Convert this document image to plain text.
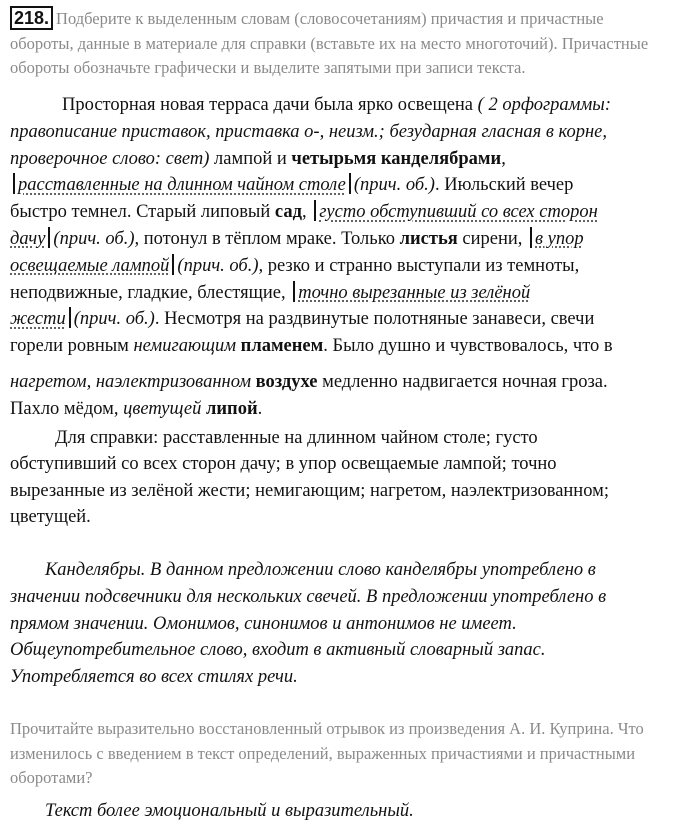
218. Подберите к выделенным словам (словосочетаниям) причастия и причастные
обороты, данные в материале для справки (вставьте их на место многоточий). Причастные
обороты обозначьте графически и выделите запятыми при записи текста.
Просторная новая терраса дачи была ярко освещена ( 2 орфограммы:
правописание приставок, приставка о-, неизм.; безударная гласная в корне,
проверочное слово: свет) лампой и четырьмя канделябрами,
расставленные на длинном чайном столе (прич. об.). Июльский вечер
быстро темнел. Старый липовый сад, густо обступивший со всех сторон
дачу (прич. об.), потонул в тёплом мраке. Только листья сирени, в упор
освещаемые лампой (прич. об.), резко и странно выступали из темноты,
неподвижные, гладкие, блестящие, точно вырезанные из зелёной
жести (прич. об.). Несмотря на раздвинутые полотняные занавеси, свечи
горели ровным немигающим пламенем. Было душно и чувствовалось, что в
нагретом, наэлектризованном воздухе медленно надвигается ночная гроза.
Пахло мёдом, цветущей липой.
Для справки: расставленные на длинном чайном столе; густо
обступивший со всех сторон дачу; в упор освещаемые лампой; точно
вырезанные из зелёной жести; немигающим; нагретом, наэлектризованном;
цветущей.
Канделябры. В данном предложении слово канделябры употреблено в
значении подсвечники для нескольких свечей. В предложении употреблено в
прямом значении. Омонимов, синонимов и антонимов не имеет.
Общеупотребительное слово, входит в активный словарный запас.
Употребляется во всех стилях речи.
Прочитайте выразительно восстановленный отрывок из произведения А. И. Куприна. Что
изменилось с введением в текст определений, выраженных причастиями и причастными
оборотами?
Текст более эмоциональный и выразительный.
